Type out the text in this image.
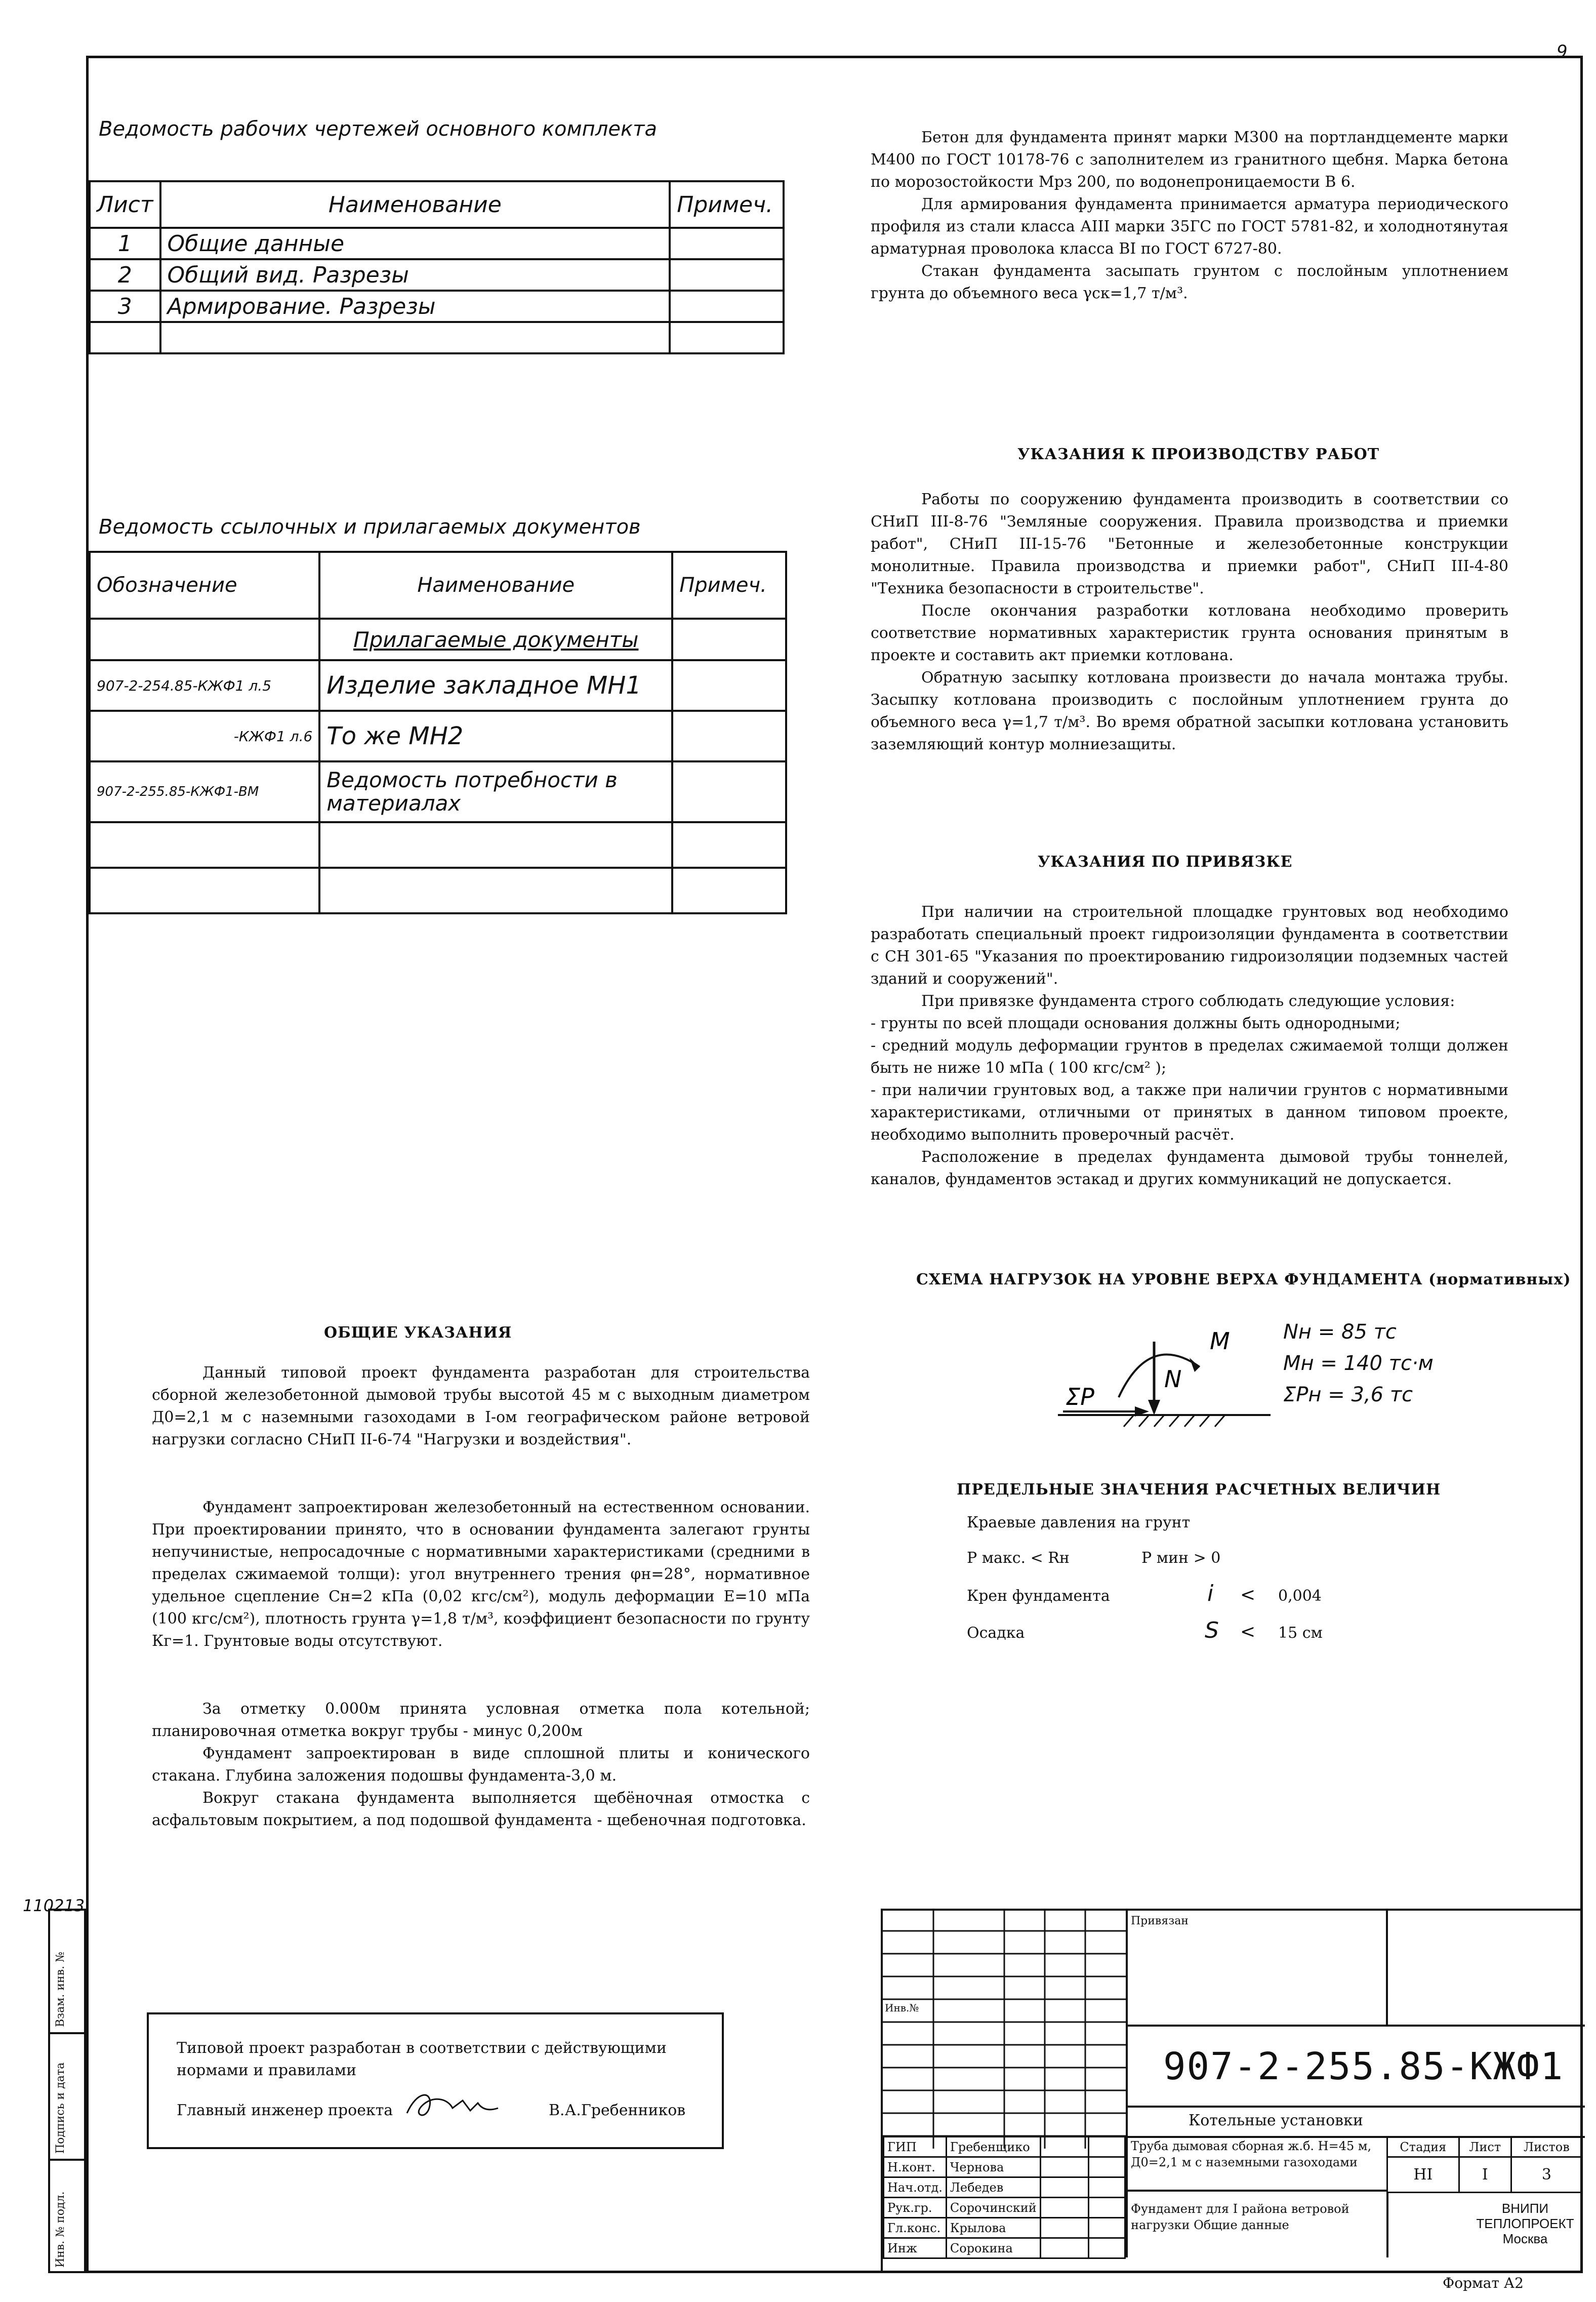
9
Ведомость рабочих чертежей основного комплекта
Лист	Наименование	Примеч.
1	Общие данные	
2	Общий вид. Разрезы	
3	Армирование. Разрезы	

Ведомость ссылочных и прилагаемых документов
Обозначение	Наименование	Примеч.
	Прилагаемые документы	
907-2-254.85-КЖФ1 л.5	Изделие закладное МН1	
-КЖФ1 л.6	То же МН2	
907-2-255.85-КЖФ1-ВМ	Ведомость потребности в материалах	

Бетон для фундамента принят марки М300 на портландцементе марки М400 по ГОСТ 10178-76 с заполнителем из гранитного щебня. Марка бетона по морозостойкости Мрз 200, по водонепроницаемости В 6.

Для армирования фундамента принимается арматура периодического профиля из стали класса АIII марки 35ГС по ГОСТ 5781-82, и холоднотянутая арматурная проволока класса ВI по ГОСТ 6727-80.

Стакан фундамента засыпать грунтом с послойным уплотнением грунта до объемного веса γск=1,7 т/м³.

УКАЗАНИЯ К ПРОИЗВОДСТВУ РАБОТ

Работы по сооружению фундамента производить в соответствии со СНиП III-8-76 "Земляные сооружения. Правила производства и приемки работ", СНиП III-15-76 "Бетонные и железобетонные конструкции монолитные. Правила производства и приемки работ", СНиП III-4-80 "Техника безопасности в строительстве".

После окончания разработки котлована необходимо проверить соответствие нормативных характеристик грунта основания принятым в проекте и составить акт приемки котлована.

Обратную засыпку котлована произвести до начала монтажа трубы. Засыпку котлована производить с послойным уплотнением грунта до объемного веса γ=1,7 т/м³. Во время обратной засыпки котлована установить заземляющий контур молниезащиты.

УКАЗАНИЯ ПО ПРИВЯЗКЕ

При наличии на строительной площадке грунтовых вод необходимо разработать специальный проект гидроизоляции фундамента в соответствии с СН 301-65 "Указания по проектированию гидроизоляции подземных частей зданий и сооружений".

При привязке фундамента строго соблюдать следующие условия:

- грунты по всей площади основания должны быть однородными;

- средний модуль деформации грунтов в пределах сжимаемой толщи должен быть не ниже 10 мПа ( 100 кгс/см² );

- при наличии грунтовых вод, а также при наличии грунтов с нормативными характеристиками, отличными от принятых в данном типовом проекте, необходимо выполнить проверочный расчёт.

Расположение в пределах фундамента дымовой трубы тоннелей, каналов, фундаментов эстакад и других коммуникаций не допускается.

СХЕМА НАГРУЗОК НА УРОВНЕ ВЕРХА ФУНДАМЕНТА (нормативных)
ΣP
N
M	Nн = 85 тс
Mн = 140 тс·м
ΣPн = 3,6 тс
ПРЕДЕЛЬНЫЕ ЗНАЧЕНИЯ РАСЧЕТНЫХ ВЕЛИЧИН
Краевые давления на грунт
Р макс. < Rн	Р мин > 0
Крен фундамента	i < 0,004
Осадка	S < 15 см
ОБЩИЕ УКАЗАНИЯ

Данный типовой проект фундамента разработан для строительства сборной железобетонной дымовой трубы высотой 45 м с выходным диаметром Д0=2,1 м с наземными газоходами в I-ом географическом районе ветровой нагрузки согласно СНиП II-6-74 "Нагрузки и воздействия".

Фундамент запроектирован железобетонный на естественном основании. При проектировании принято, что в основании фундамента залегают грунты непучинистые, непросадочные с нормативными характеристиками (средними в пределах сжимаемой толщи): угол внутреннего трения φн=28°, нормативное удельное сцепление Сн=2 кПа (0,02 кгс/см²), модуль деформации Е=10 мПа (100 кгс/см²), плотность грунта γ=1,8 т/м³, коэффициент безопасности по грунту Кг=1. Грунтовые воды отсутствуют.

За отметку 0.000м принята условная отметка пола котельной; планировочная отметка вокруг трубы - минус 0,200м

Фундамент запроектирован в виде сплошной плиты и конического стакана. Глубина заложения подошвы фундамента-3,0 м.

Вокруг стакана фундамента выполняется щебёночная отмостка с асфальтовым покрытием, а под подошвой фундамента - щебеночная подготовка.

Типовой проект разработан в соответствии с действующими нормами и правилами
Главный инженер проекта	В.А.Гребенников
110213
Взам. инв. №
Подпись и дата
Инв. № подл.
Инв.№
Привязан
907-2-255.85-КЖФ1
Котельные установки
ГИП	Гребенщико		
Н.конт.	Чернова		
Нач.отд.	Лебедев		
Рук.гр.	Сорочинский		
Гл.конс.	Крылова		
Инж	Сорокина		
Труба дымовая сборная ж.б. Н=45 м, Д0=2,1 м с наземными газоходами
Фундамент для I района ветровой нагрузки Общие данные
Стадия	Лист	Листов
НI	I	3
ВНИПИ ТЕПЛОПРОЕКТ Москва
Формат А2
